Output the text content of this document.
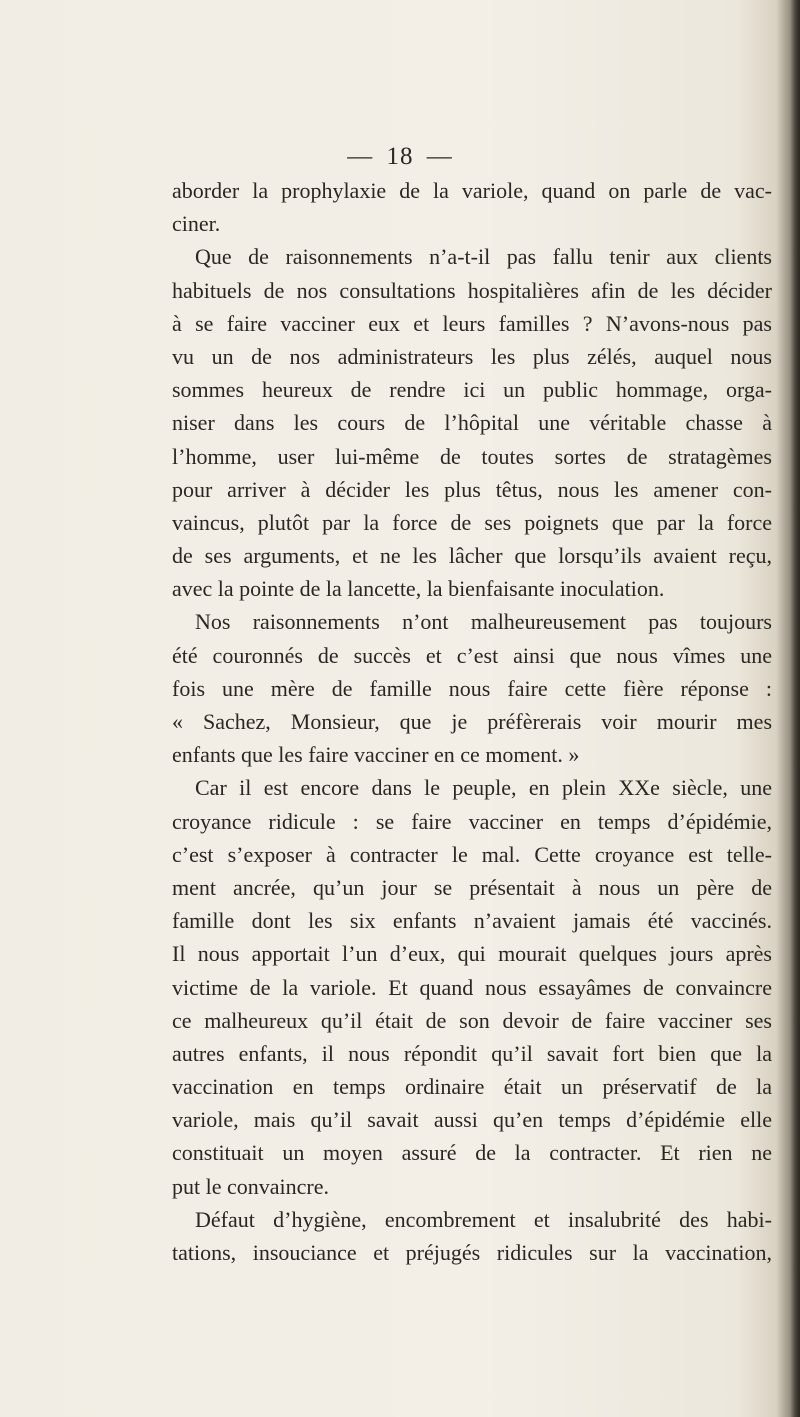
— 18 —
aborder la prophylaxie de la variole, quand on parle de vac-
ciner.
Que de raisonnements n’a-t-il pas fallu tenir aux clients
habituels de nos consultations hospitalières afin de les décider
à se faire vacciner eux et leurs familles ? N’avons-nous pas
vu un de nos administrateurs les plus zélés, auquel nous
sommes heureux de rendre ici un public hommage, orga-
niser dans les cours de l’hôpital une véritable chasse à
l’homme, user lui-même de toutes sortes de stratagèmes
pour arriver à décider les plus têtus, nous les amener con-
vaincus, plutôt par la force de ses poignets que par la force
de ses arguments, et ne les lâcher que lorsqu’ils avaient reçu,
avec la pointe de la lancette, la bienfaisante inoculation.
Nos raisonnements n’ont malheureusement pas toujours
été couronnés de succès et c’est ainsi que nous vîmes une
fois une mère de famille nous faire cette fière réponse :
« Sachez, Monsieur, que je préfèrerais voir mourir mes
enfants que les faire vacciner en ce moment. »
Car il est encore dans le peuple, en plein XXe siècle, une
croyance ridicule : se faire vacciner en temps d’épidémie,
c’est s’exposer à contracter le mal. Cette croyance est telle-
ment ancrée, qu’un jour se présentait à nous un père de
famille dont les six enfants n’avaient jamais été vaccinés.
Il nous apportait l’un d’eux, qui mourait quelques jours après
victime de la variole. Et quand nous essayâmes de convaincre
ce malheureux qu’il était de son devoir de faire vacciner ses
autres enfants, il nous répondit qu’il savait fort bien que la
vaccination en temps ordinaire était un préservatif de la
variole, mais qu’il savait aussi qu’en temps d’épidémie elle
constituait un moyen assuré de la contracter. Et rien ne
put le convaincre.
Défaut d’hygiène, encombrement et insalubrité des habi-
tations, insouciance et préjugés ridicules sur la vaccination,
